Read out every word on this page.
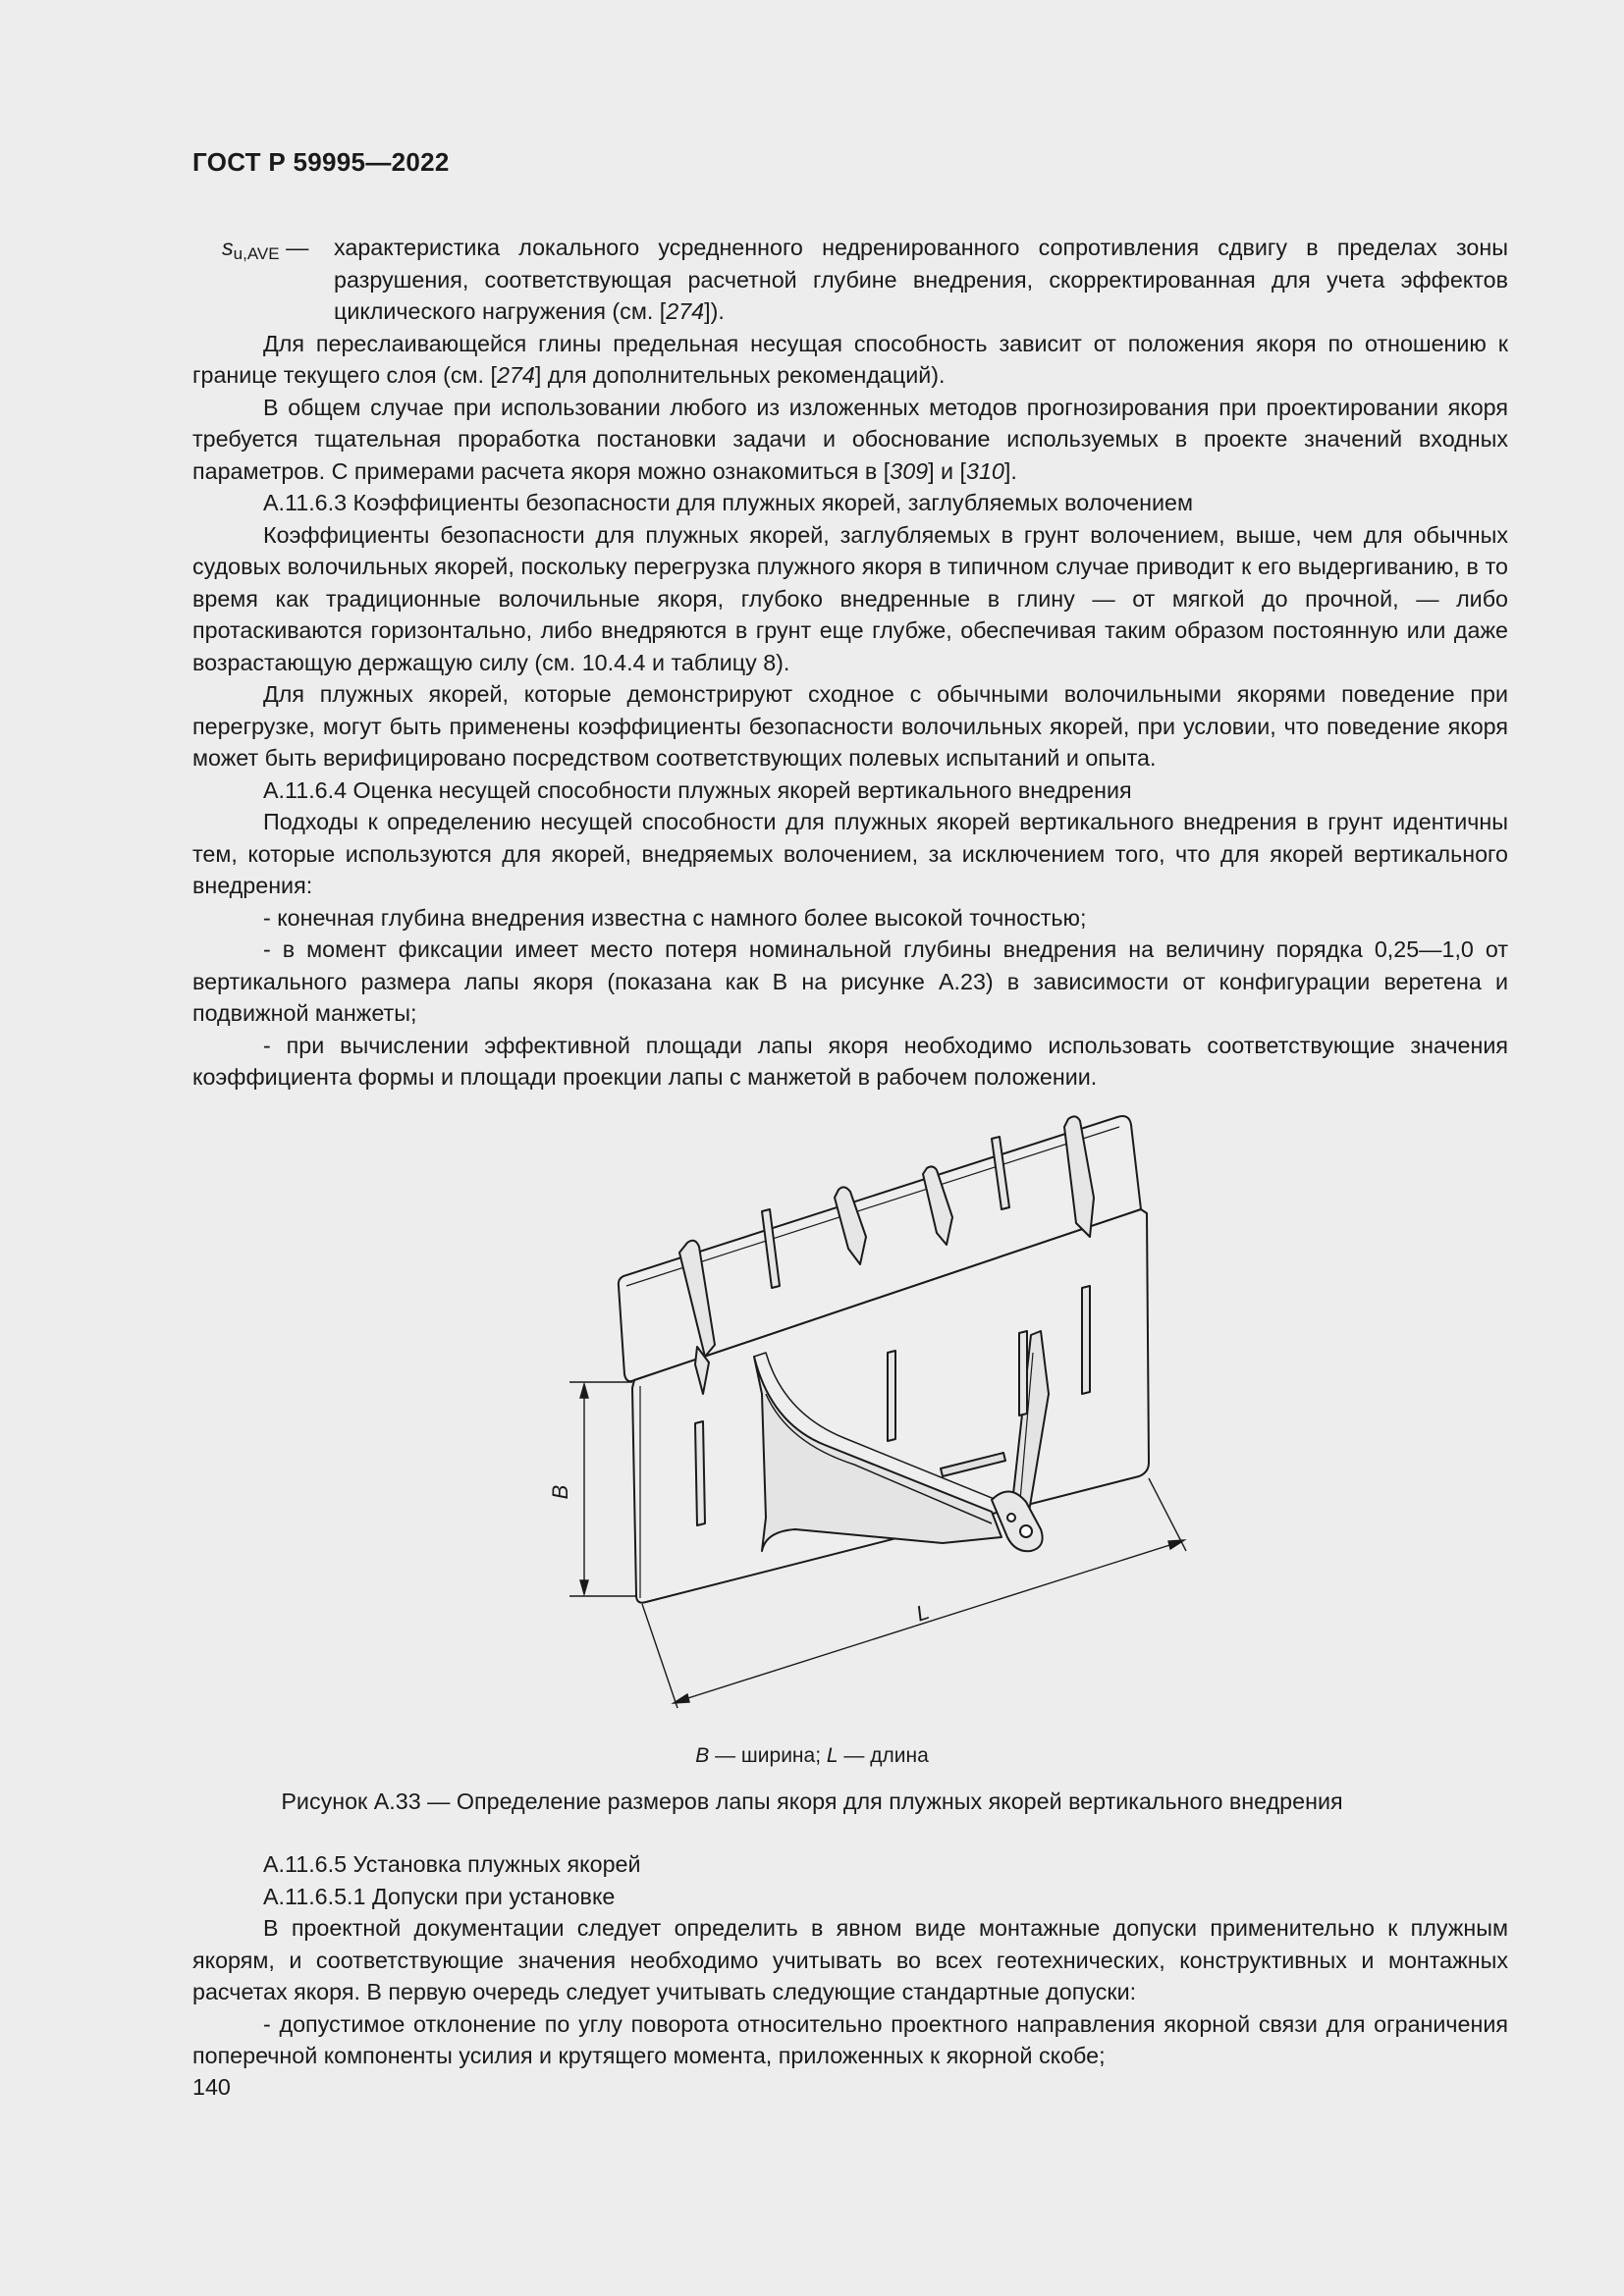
ГОСТ Р 59995—2022
$s_{u,AVE}$ — характеристика локального усредненного недренированного сопротивления сдвигу в пределах зоны разрушения, соответствующая расчетной глубине внедрения, скорректированная для учета эффектов циклического нагружения (см. [274]).

Для переслаивающейся глины предельная несущая способность зависит от положения якоря по отношению к границе текущего слоя (см. [274] для дополнительных рекомендаций).

В общем случае при использовании любого из изложенных методов прогнозирования при проектировании якоря требуется тщательная проработка постановки задачи и обоснование используемых в проекте значений входных параметров. С примерами расчета якоря можно ознакомиться в [309] и [310].

А.11.6.3 Коэффициенты безопасности для плужных якорей, заглубляемых волочением

Коэффициенты безопасности для плужных якорей, заглубляемых в грунт волочением, выше, чем для обычных судовых волочильных якорей, поскольку перегрузка плужного якоря в типичном случае приводит к его выдергиванию, в то время как традиционные волочильные якоря, глубоко внедренные в глину — от мягкой до прочной, — либо протаскиваются горизонтально, либо внедряются в грунт еще глубже, обеспечивая таким образом постоянную или даже возрастающую держащую силу (см. 10.4.4 и таблицу 8).

Для плужных якорей, которые демонстрируют сходное с обычными волочильными якорями поведение при перегрузке, могут быть применены коэффициенты безопасности волочильных якорей, при условии, что поведение якоря может быть верифицировано посредством соответствующих полевых испытаний и опыта.

А.11.6.4 Оценка несущей способности плужных якорей вертикального внедрения

Подходы к определению несущей способности для плужных якорей вертикального внедрения в грунт идентичны тем, которые используются для якорей, внедряемых волочением, за исключением того, что для якорей вертикального внедрения:

- конечная глубина внедрения известна с намного более высокой точностью;

- в момент фиксации имеет место потеря номинальной глубины внедрения на величину порядка 0,25—1,0 от вертикального размера лапы якоря (показана как B на рисунке А.23) в зависимости от конфигурации веретена и подвижной манжеты;

- при вычислении эффективной площади лапы якоря необходимо использовать соответствующие значения коэффициента формы и площади проекции лапы с манжетой в рабочем положении.

B
L
B — ширина; L — длина
Рисунок А.33 — Определение размеров лапы якоря для плужных якорей вертикального внедрения

А.11.6.5 Установка плужных якорей

А.11.6.5.1 Допуски при установке

В проектной документации следует определить в явном виде монтажные допуски применительно к плужным якорям, и соответствующие значения необходимо учитывать во всех геотехнических, конструктивных и монтажных расчетах якоря. В первую очередь следует учитывать следующие стандартные допуски:

- допустимое отклонение по углу поворота относительно проектного направления якорной связи для ограничения поперечной компоненты усилия и крутящего момента, приложенных к якорной скобе;

140
